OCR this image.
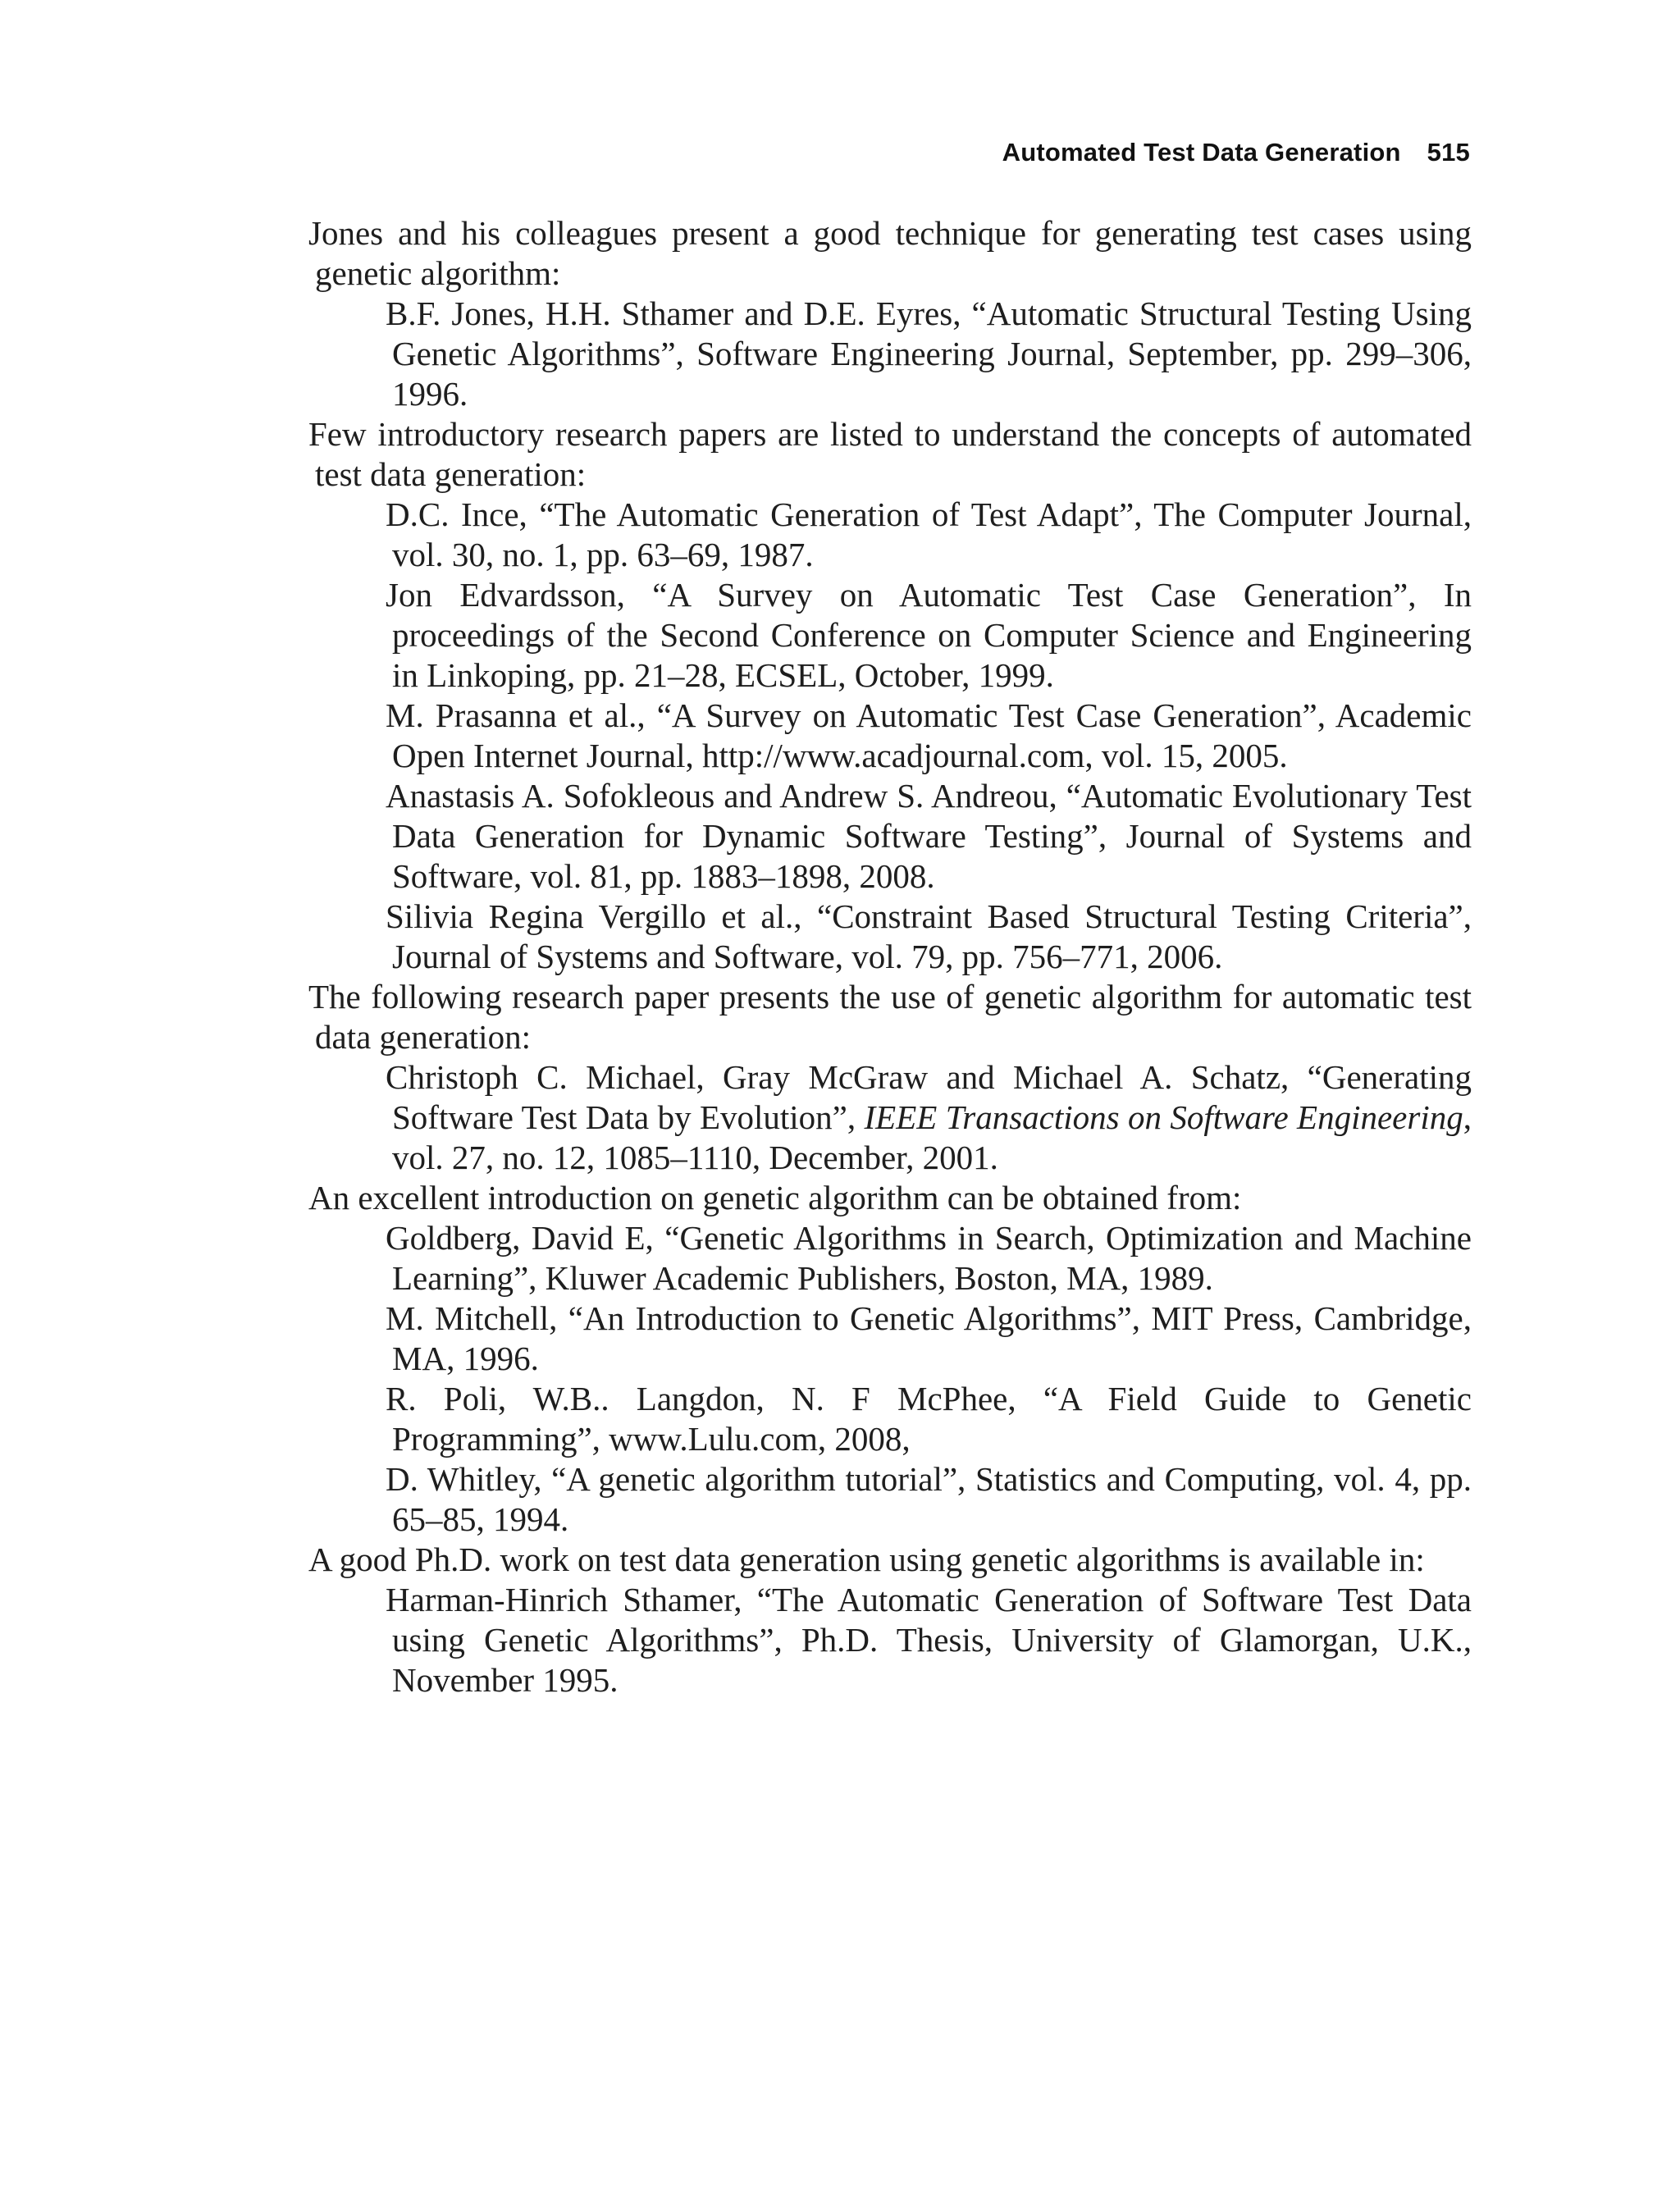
Automated Test Data Generation 515

Jones and his colleagues present a good technique for generating test cases using genetic algorithm:

B.F. Jones, H.H. Sthamer and D.E. Eyres, “Automatic Structural Testing Using Genetic Algorithms”, Software Engineering Journal, September, pp. 299–306, 1996.

Few introductory research papers are listed to understand the concepts of automated test data generation:

D.C. Ince, “The Automatic Generation of Test Adapt”, The Computer Journal, vol. 30, no. 1, pp. 63–69, 1987.

Jon Edvardsson, “A Survey on Automatic Test Case Generation”, In proceedings of the Second Conference on Computer Science and Engineering in Linkoping, pp. 21–28, ECSEL, October, 1999.

M. Prasanna et al., “A Survey on Automatic Test Case Generation”, Academic Open Internet Journal, http://www.acadjournal.com, vol. 15, 2005.

Anastasis A. Sofokleous and Andrew S. Andreou, “Automatic Evolutionary Test Data Generation for Dynamic Software Testing”, Journal of Systems and Software, vol. 81, pp. 1883–1898, 2008.

Silivia Regina Vergillo et al., “Constraint Based Structural Testing Criteria”, Journal of Systems and Software, vol. 79, pp. 756–771, 2006.

The following research paper presents the use of genetic algorithm for automatic test data generation:

Christoph C. Michael, Gray McGraw and Michael A. Schatz, “Generating Software Test Data by Evolution”, IEEE Transactions on Software Engineering, vol. 27, no. 12, 1085–1110, December, 2001.

An excellent introduction on genetic algorithm can be obtained from:

Goldberg, David E, “Genetic Algorithms in Search, Optimization and Machine Learning”, Kluwer Academic Publishers, Boston, MA, 1989.

M. Mitchell, “An Introduction to Genetic Algorithms”, MIT Press, Cambridge, MA, 1996.

R. Poli, W.B.. Langdon, N. F McPhee, “A Field Guide to Genetic Programming”, www.Lulu.com, 2008,

D. Whitley, “A genetic algorithm tutorial”, Statistics and Computing, vol. 4, pp. 65–85, 1994.

A good Ph.D. work on test data generation using genetic algorithms is available in:

Harman-Hinrich Sthamer, “The Automatic Generation of Software Test Data using Genetic Algorithms”, Ph.D. Thesis, University of Glamorgan, U.K., November 1995.
